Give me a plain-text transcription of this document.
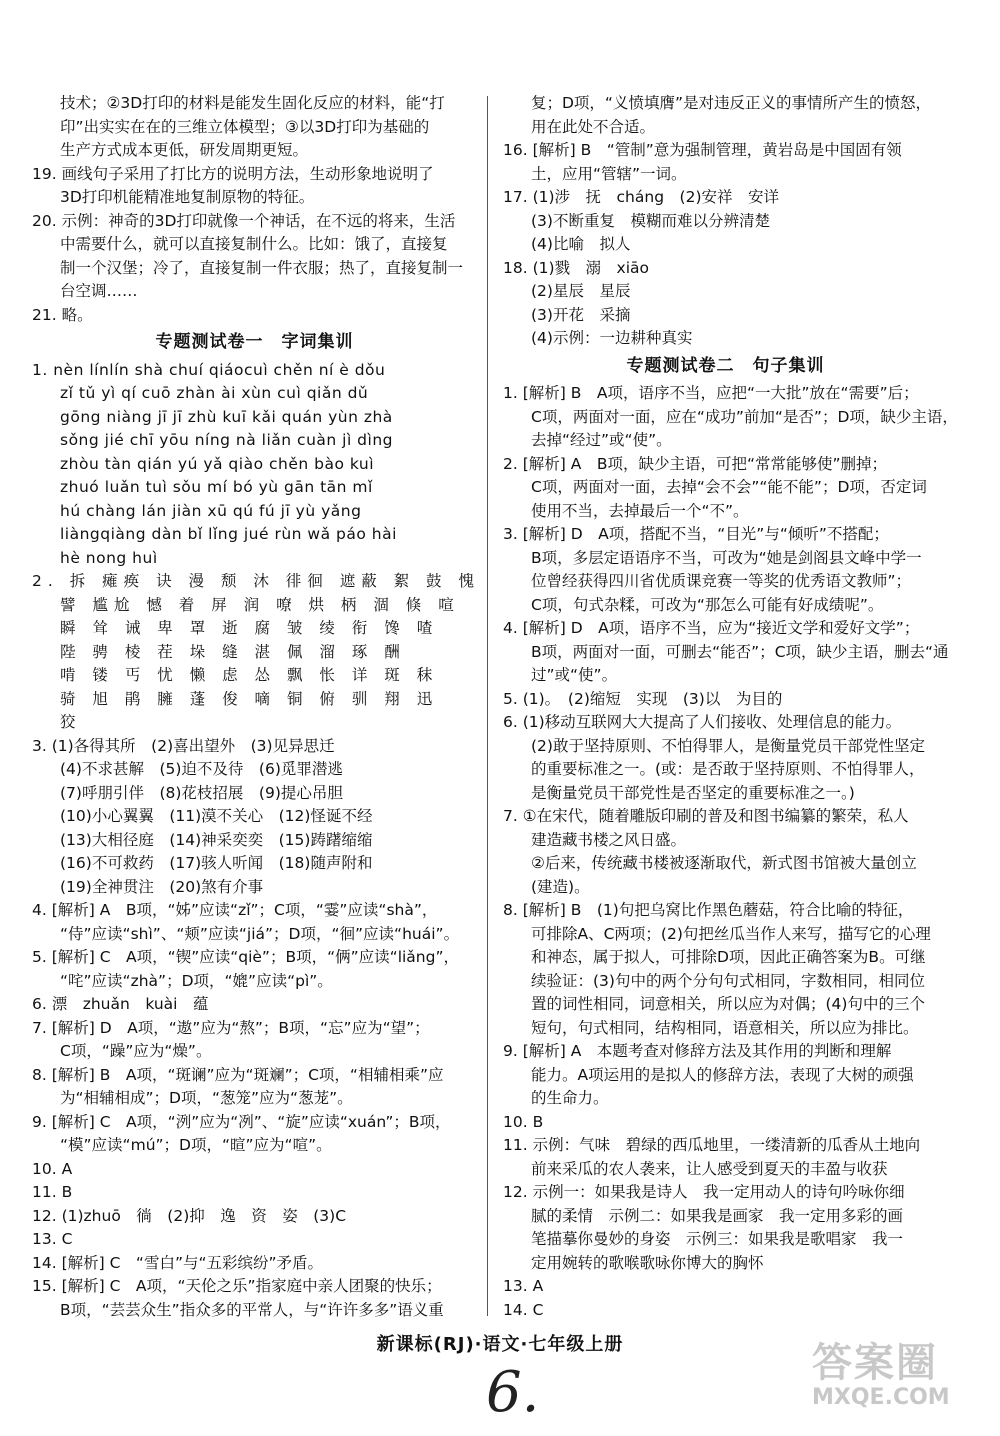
技术；②3D打印的材料是能发生固化反应的材料，能“打
印”出实实在在的三维立体模型；③以3D打印为基础的
生产方式成本更低，研发周期更短。
19. 画线句子采用了打比方的说明方法，生动形象地说明了
3D打印机能精准地复制原物的特征。
20. 示例：神奇的3D打印就像一个神话，在不远的将来，生活
中需要什么，就可以直接复制什么。比如：饿了，直接复
制一个汉堡；冷了，直接复制一件衣服；热了，直接复制一
台空调……
21. 略。
专题测试卷一　字词集训
1. nèn línlín shà chuí qiáocuì chěn ní è dǒu
zǐ tǔ yì qí cuō zhàn ài xùn cuì qiǎn dǔ
gōng niàng jī jī zhù kuī kǎi quán yùn zhà
sǒng jié chī yōu níng nà liǎn cuàn jì dìng
zhòu tàn qián yú yǎ qiào chěn bào kuì
zhuó luǎn tuì sǒu mí bó yù gān tān mǐ
hú chàng lán jiàn xū qú fú jī yù yǎng
liàngqiàng dàn bǐ lǐng jué rùn wǎ páo hài
hè nong huì
2. 拆 瘫痪 诀 漫 颓 沐 徘徊 遮蔽 絮 鼓 愧
譬 尴尬 憾 着 屏 润 嘹 烘 柄 涸 倏 喧
瞬 耸 诫 卑 罩 逝 腐 皱 绫 衔 馋 喳
陛 骋 棱 茬 垛 缝 湛 佩 溜 琢 酬
啃 镂 丐 忧 懒 虑 怂 飘 怅 详 斑 秣
骑 旭 鹃 臃 蓬 俊 嘀 铜 俯 驯 翔 迅
狡
3. (1)各得其所　(2)喜出望外　(3)见异思迁
(4)不求甚解　(5)迫不及待　(6)觅罪潜逃
(7)呼朋引伴　(8)花枝招展　(9)提心吊胆
(10)小心翼翼　(11)漠不关心　(12)怪诞不经
(13)大相径庭　(14)神采奕奕　(15)踌躇缩缩
(16)不可救药　(17)骇人听闻　(18)随声附和
(19)全神贯注　(20)煞有介事
4. [解析] A　B项，“姊”应读“zǐ”；C项，“霎”应读“shà”，
“侍”应读“shì”、“颊”应读“jiá”；D项，“徊”应读“huái”。
5. [解析] C　A项，“锲”应读“qiè”；B项，“俩”应读“liǎng”，
“咤”应读“zhà”；D项，“媲”应读“pì”。
6. 漂　zhuǎn　kuài　蕴
7. [解析] D　A项，“遨”应为“熬”；B项，“忘”应为“望”；
C项，“躁”应为“燥”。
8. [解析] B　A项，“斑谰”应为“斑斓”；C项，“相辅相乘”应
为“相辅相成”；D项，“葱笼”应为“葱茏”。
9. [解析] C　A项，“洌”应为“冽”、“旋”应读“xuán”；B项，
“模”应读“mú”；D项，“暄”应为“喧”。
10. A
11. B
12. (1)zhuō　徜　(2)抑　逸　资　姿　(3)C
13. C
14. [解析] C　“雪白”与“五彩缤纷”矛盾。
15. [解析] C　A项，“天伦之乐”指家庭中亲人团聚的快乐；
B项，“芸芸众生”指众多的平常人，与“许许多多”语义重
复；D项，“义愤填膺”是对违反正义的事情所产生的愤怒，
用在此处不合适。
16. [解析] B　“管制”意为强制管理，黄岩岛是中国固有领
土，应用“管辖”一词。
17. (1)涉　抚　cháng　(2)安祥　安详
(3)不断重复　模糊而难以分辨清楚
(4)比喻　拟人
18. (1)戮　溺　xiāo
(2)星辰　星辰
(3)开花　采摘
(4)示例：一边耕种真实
专题测试卷二　句子集训
1. [解析] B　A项，语序不当，应把“一大批”放在“需要”后；
C项，两面对一面，应在“成功”前加“是否”；D项，缺少主语，
去掉“经过”或“使”。
2. [解析] A　B项，缺少主语，可把“常常能够使”删掉；
C项，两面对一面，去掉“会不会”“能不能”；D项，否定词
使用不当，去掉最后一个“不”。
3. [解析] D　A项，搭配不当，“目光”与“倾听”不搭配；
B项，多层定语语序不当，可改为“她是剑阁县文峰中学一
位曾经获得四川省优质课竞赛一等奖的优秀语文教师”；
C项，句式杂糅，可改为“那怎么可能有好成绩呢”。
4. [解析] D　A项，语序不当，应为“接近文学和爱好文学”；
B项，两面对一面，可删去“能否”；C项，缺少主语，删去“通
过”或“使”。
5. (1)。　(2)缩短　实现　(3)以　为目的
6. (1)移动互联网大大提高了人们接收、处理信息的能力。
(2)敢于坚持原则、不怕得罪人，是衡量党员干部党性坚定
的重要标准之一。(或：是否敢于坚持原则、不怕得罪人，
是衡量党员干部党性是否坚定的重要标准之一。)
7. ①在宋代，随着雕版印刷的普及和图书编纂的繁荣，私人
建造藏书楼之风日盛。
②后来，传统藏书楼被逐渐取代，新式图书馆被大量创立
(建造)。
8. [解析] B　(1)句把乌窝比作黑色蘑菇，符合比喻的特征，
可排除A、C两项；(2)句把丝瓜当作人来写，描写它的心理
和神态，属于拟人，可排除D项，因此正确答案为B。可继
续验证：(3)句中的两个分句句式相同，字数相同，相同位
置的词性相同，词意相关，所以应为对偶；(4)句中的三个
短句，句式相同，结构相同，语意相关，所以应为排比。
9. [解析] A　本题考查对修辞方法及其作用的判断和理解
能力。A项运用的是拟人的修辞方法，表现了大树的顽强
的生命力。
10. B
11. 示例：气味　碧绿的西瓜地里，一缕清新的瓜香从土地向
前来采瓜的农人袭来，让人感受到夏天的丰盈与收获
12. 示例一：如果我是诗人　我一定用动人的诗句吟咏你细
腻的柔情　示例二：如果我是画家　我一定用多彩的画
笔描摹你曼妙的身姿　示例三：如果我是歌唱家　我一
定用婉转的歌喉歌咏你博大的胸怀
13. A
14. C
新课标(RJ)·语文·七年级上册
6.	答案圈
MXQE.COM
